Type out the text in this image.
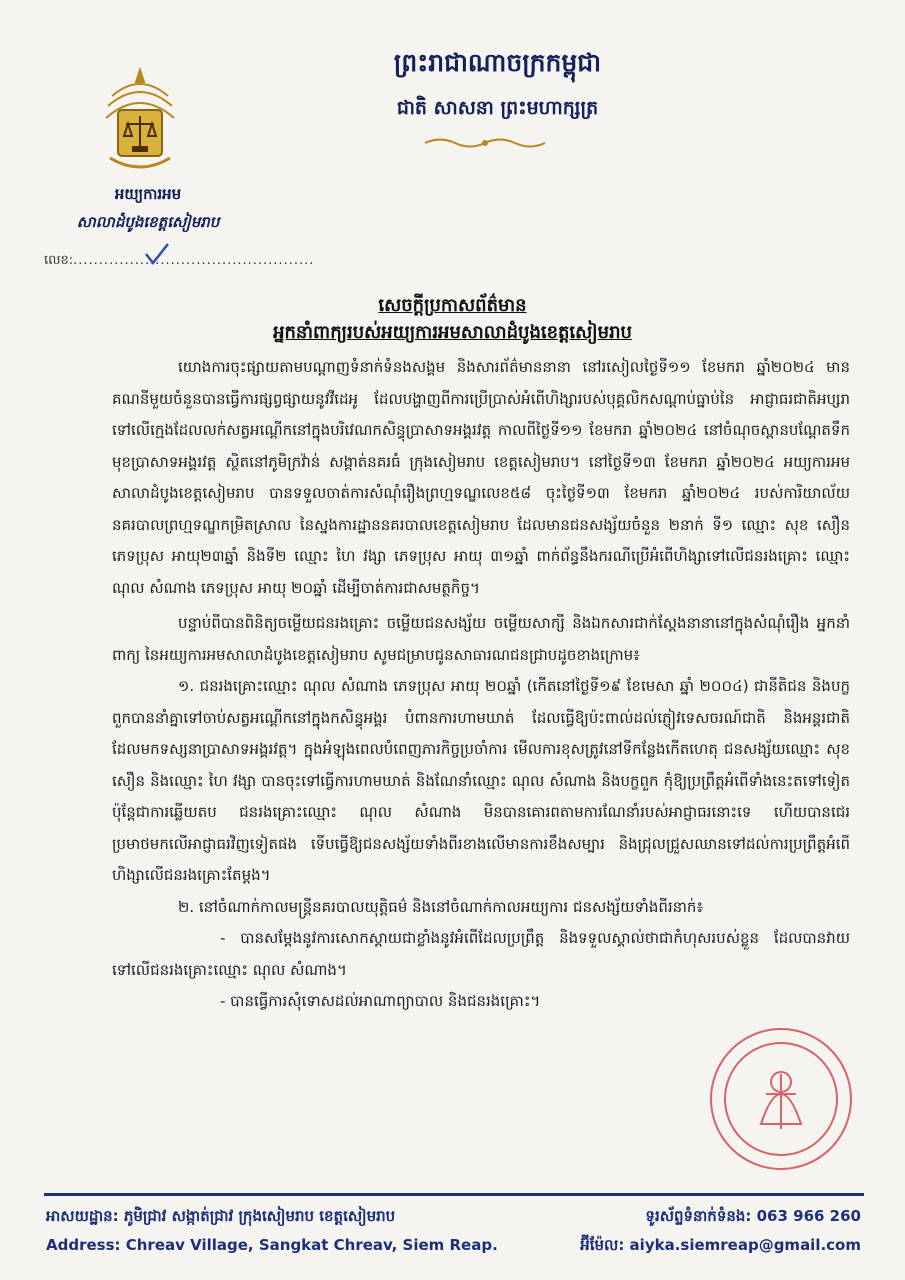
ព្រះរាជាណាចក្រកម្ពុជា
ជាតិ សាសនា ព្រះមហាក្សត្រ
អយ្យការអម
សាលាដំបូងខេត្តសៀមរាប
លេខ:...............................................
សេចក្ដីប្រកាសព័ត៌មាន
អ្នកនាំពាក្យរបស់អយ្យការអមសាលាដំបូងខេត្តសៀមរាប

យោងការចុះផ្សាយតាមបណ្ដាញទំនាក់ទំនងសង្គម និងសារព័ត៌មាននានា នៅរសៀលថ្ងៃទី១១ ខែមករា ឆ្នាំ២០២៤ មានគណនីមួយចំនួនបានធ្វើការផ្សព្វផ្សាយនូវវីដេអូ ដែលបង្ហាញពីការប្រើប្រាស់អំពើហិង្សារបស់បុគ្គលិកសណ្ដាប់ធ្នាប់នៃ អាជ្ញាធរជាតិអប្សរា ទៅលើក្មេងដែលលក់សត្វអណ្ដើកនៅក្នុងបរិវេណកសិន្ធុប្រាសាទអង្គរវត្ត កាលពីថ្ងៃទី១១ ខែមករា ឆ្នាំ២០២៤ នៅចំណុចស្ពានបណ្ដែតទឹក មុខប្រាសាទអង្គរវត្ត ស្ថិតនៅភូមិក្រវ៉ាន់ សង្កាត់នគរធំ ក្រុងសៀមរាប ខេត្តសៀមរាប។ នៅថ្ងៃទី១៣ ខែមករា ឆ្នាំ២០២៤ អយ្យការអមសាលាដំបូងខេត្តសៀមរាប បានទទួលចាត់ការសំណុំរឿងព្រហ្មទណ្ឌលេខ៥៨ ចុះថ្ងៃទី១៣ ខែមករា ឆ្នាំ២០២៤ របស់ការិយាល័យនគរបាលព្រហ្មទណ្ឌកម្រិតស្រាល នៃស្នងការដ្ឋាននគរបាលខេត្តសៀមរាប ដែលមានជនសង្ស័យចំនួន ២នាក់ ទី១ ឈ្មោះ សុខ សឿន ភេទប្រុស អាយុ២៣ឆ្នាំ និងទី២ ឈ្មោះ ហៃ វង្សា ភេទប្រុស អាយុ ៣១ឆ្នាំ ពាក់ព័ន្ធនឹងករណីប្រើអំពើហិង្សាទៅលើជនរងគ្រោះ ឈ្មោះ ណុល សំណាង ភេទប្រុស អាយុ ២០ឆ្នាំ ដើម្បីចាត់ការជាសមត្ថកិច្ច។

បន្ទាប់ពីបានពិនិត្យចម្លើយជនរងគ្រោះ ចម្លើយជនសង្ស័យ ចម្លើយសាក្សី និងឯកសារជាក់ស្ដែងនានានៅក្នុងសំណុំរឿង អ្នកនាំពាក្យ នៃអយ្យការអមសាលាដំបូងខេត្តសៀមរាប សូមជម្រាបជូនសាធារណជនជ្រាបដូចខាងក្រោម៖

១. ជនរងគ្រោះឈ្មោះ ណុល សំណាង ភេទប្រុស អាយុ ២០ឆ្នាំ (កើតនៅថ្ងៃទី១៩ ខែមេសា ឆ្នាំ ២០០៤) ជានីតិជន និងបក្ខពួកបាននាំគ្នាទៅចាប់សត្វអណ្ដើកនៅក្នុងកសិន្ធុអង្គរ បំពានការហាមឃាត់ ដែលធ្វើឱ្យប៉ះពាល់ដល់ភ្ញៀវទេសចរណ៍ជាតិ និងអន្តរជាតិដែលមកទស្សនាប្រាសាទអង្គរវត្ត។ ក្នុងអំឡុងពេលបំពេញភារកិច្ចប្រចាំការ មើលការខុសត្រូវនៅទីកន្លែងកើតហេតុ ជនសង្ស័យឈ្មោះ សុខ សឿន និងឈ្មោះ ហៃ វង្សា បានចុះទៅធ្វើការហាមឃាត់ និងណែនាំឈ្មោះ ណុល សំណាង និងបក្ខពួក កុំឱ្យប្រព្រឹត្តអំពើទាំងនេះតទៅទៀត ប៉ុន្តែជាការឆ្លើយតប ជនរងគ្រោះឈ្មោះ ណុល សំណាង មិនបានគោរពតាមការណែនាំរបស់អាជ្ញាធរនោះទេ ហើយបានជេរប្រមាថមកលើអាជ្ញាធរវិញទៀតផង ទើបធ្វើឱ្យជនសង្ស័យទាំងពីរខាងលើមានការខឹងសម្បារ និងជ្រុលជ្រួសឈានទៅដល់ការប្រព្រឹត្តអំពើហិង្សាលើជនរងគ្រោះតែម្ដង។

២. នៅចំណាក់កាលមន្ត្រីនគរបាលយុត្តិធម៌ និងនៅចំណាក់កាលអយ្យការ ជនសង្ស័យទាំងពីរនាក់៖

- បានសម្ដែងនូវការសោកស្ដាយជាខ្លាំងនូវអំពើដែលប្រព្រឹត្ត និងទទួលស្គាល់ថាជាកំហុសរបស់ខ្លួន ដែលបានវាយទៅលើជនរងគ្រោះឈ្មោះ ណុល សំណាង។

- បានធ្វើការសុំទោសដល់អាណាព្យាបាល និងជនរងគ្រោះ។

អាសយដ្ឋាន: ភូមិជ្រាវ សង្កាត់ជ្រាវ ក្រុងសៀមរាប ខេត្តសៀមរាប
Address: Chreav Village, Sangkat Chreav, Siem Reap.
ទូរស័ព្ទទំនាក់ទំនង: 063 966 260
អ៊ីម៉ែល: aiyka.siemreap@gmail.com
